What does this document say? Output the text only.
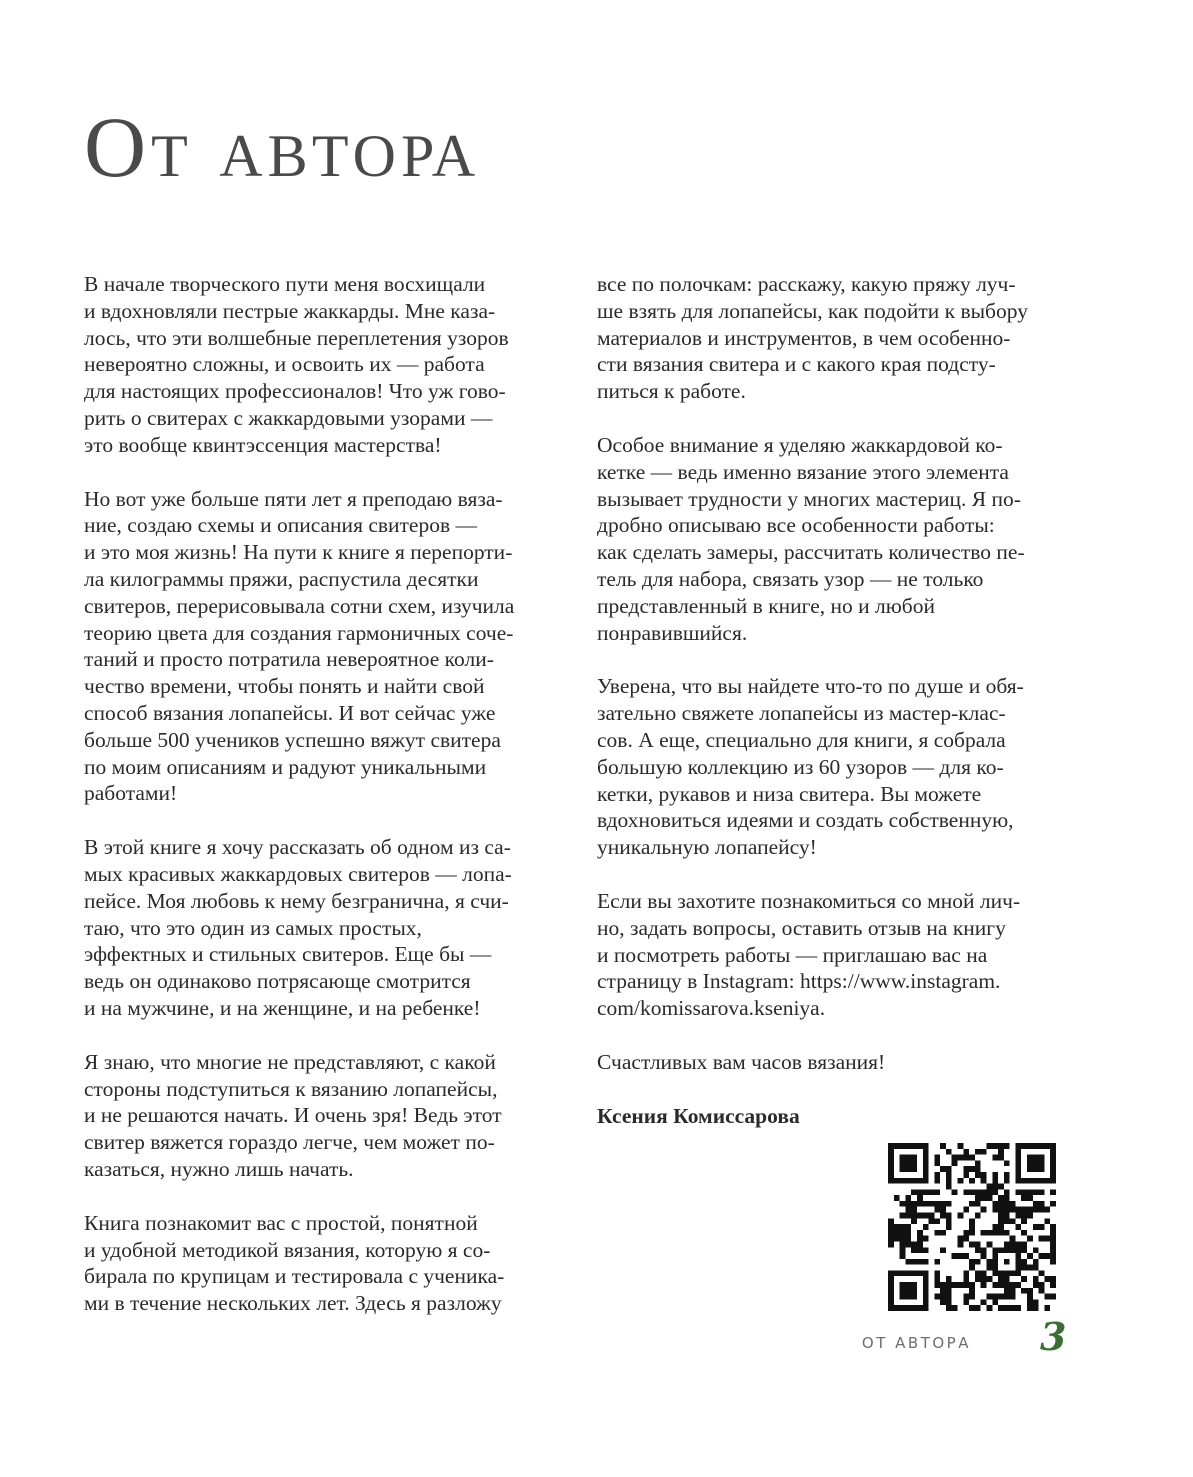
От автора

В начале творческого пути меня восхищали
и вдохновляли пестрые жаккарды. Мне каза-
лось, что эти волшебные переплетения узоров
невероятно сложны, и освоить их — работа
для настоящих профессионалов! Что уж гово-
рить о свитерах с жаккардовыми узорами —
это вообще квинтэссенция мастерства!

Но вот уже больше пяти лет я преподаю вяза-
ние, создаю схемы и описания свитеров —
и это моя жизнь! На пути к книге я перепорти-
ла килограммы пряжи, распустила десятки
свитеров, перерисовывала сотни схем, изучила
теорию цвета для создания гармоничных соче-
таний и просто потратила невероятное коли-
чество времени, чтобы понять и найти свой
способ вязания лопапейсы. И вот сейчас уже
больше 500 учеников успешно вяжут свитера
по моим описаниям и радуют уникальными
работами!

В этой книге я хочу рассказать об одном из са-
мых красивых жаккардовых свитеров — лопа-
пейсе. Моя любовь к нему безгранична, я счи-
таю, что это один из самых простых,
эффектных и стильных свитеров. Еще бы —
ведь он одинаково потрясающе смотрится
и на мужчине, и на женщине, и на ребенке!

Я знаю, что многие не представляют, с какой
стороны подступиться к вязанию лопапейсы,
и не решаются начать. И очень зря! Ведь этот
свитер вяжется гораздо легче, чем может по-
казаться, нужно лишь начать.

Книга познакомит вас с простой, понятной
и удобной методикой вязания, которую я со-
бирала по крупицам и тестировала с ученика-
ми в течение нескольких лет. Здесь я разложу

все по полочкам: расскажу, какую пряжу луч-
ше взять для лопапейсы, как подойти к выбору
материалов и инструментов, в чем особенно-
сти вязания свитера и с какого края подсту-
питься к работе.

Особое внимание я уделяю жаккардовой ко-
кетке — ведь именно вязание этого элемента
вызывает трудности у многих мастериц. Я по-
дробно описываю все особенности работы:
как сделать замеры, рассчитать количество пе-
тель для набора, связать узор — не только
представленный в книге, но и любой
понравившийся.

Уверена, что вы найдете что-то по душе и обя-
зательно свяжете лопапейсы из мастер-клас-
сов. А еще, специально для книги, я собрала
большую коллекцию из 60 узоров — для ко-
кетки, рукавов и низа свитера. Вы можете
вдохновиться идеями и создать собственную,
уникальную лопапейсу!

Если вы захотите познакомиться со мной лич-
но, задать вопросы, оставить отзыв на книгу
и посмотреть работы — приглашаю вас на
страницу в Instagram: https://www.instagram.
com/komissarova.kseniya.

Счастливых вам часов вязания!

Ксения Комиссарова

ОТ АВТОРА 3
